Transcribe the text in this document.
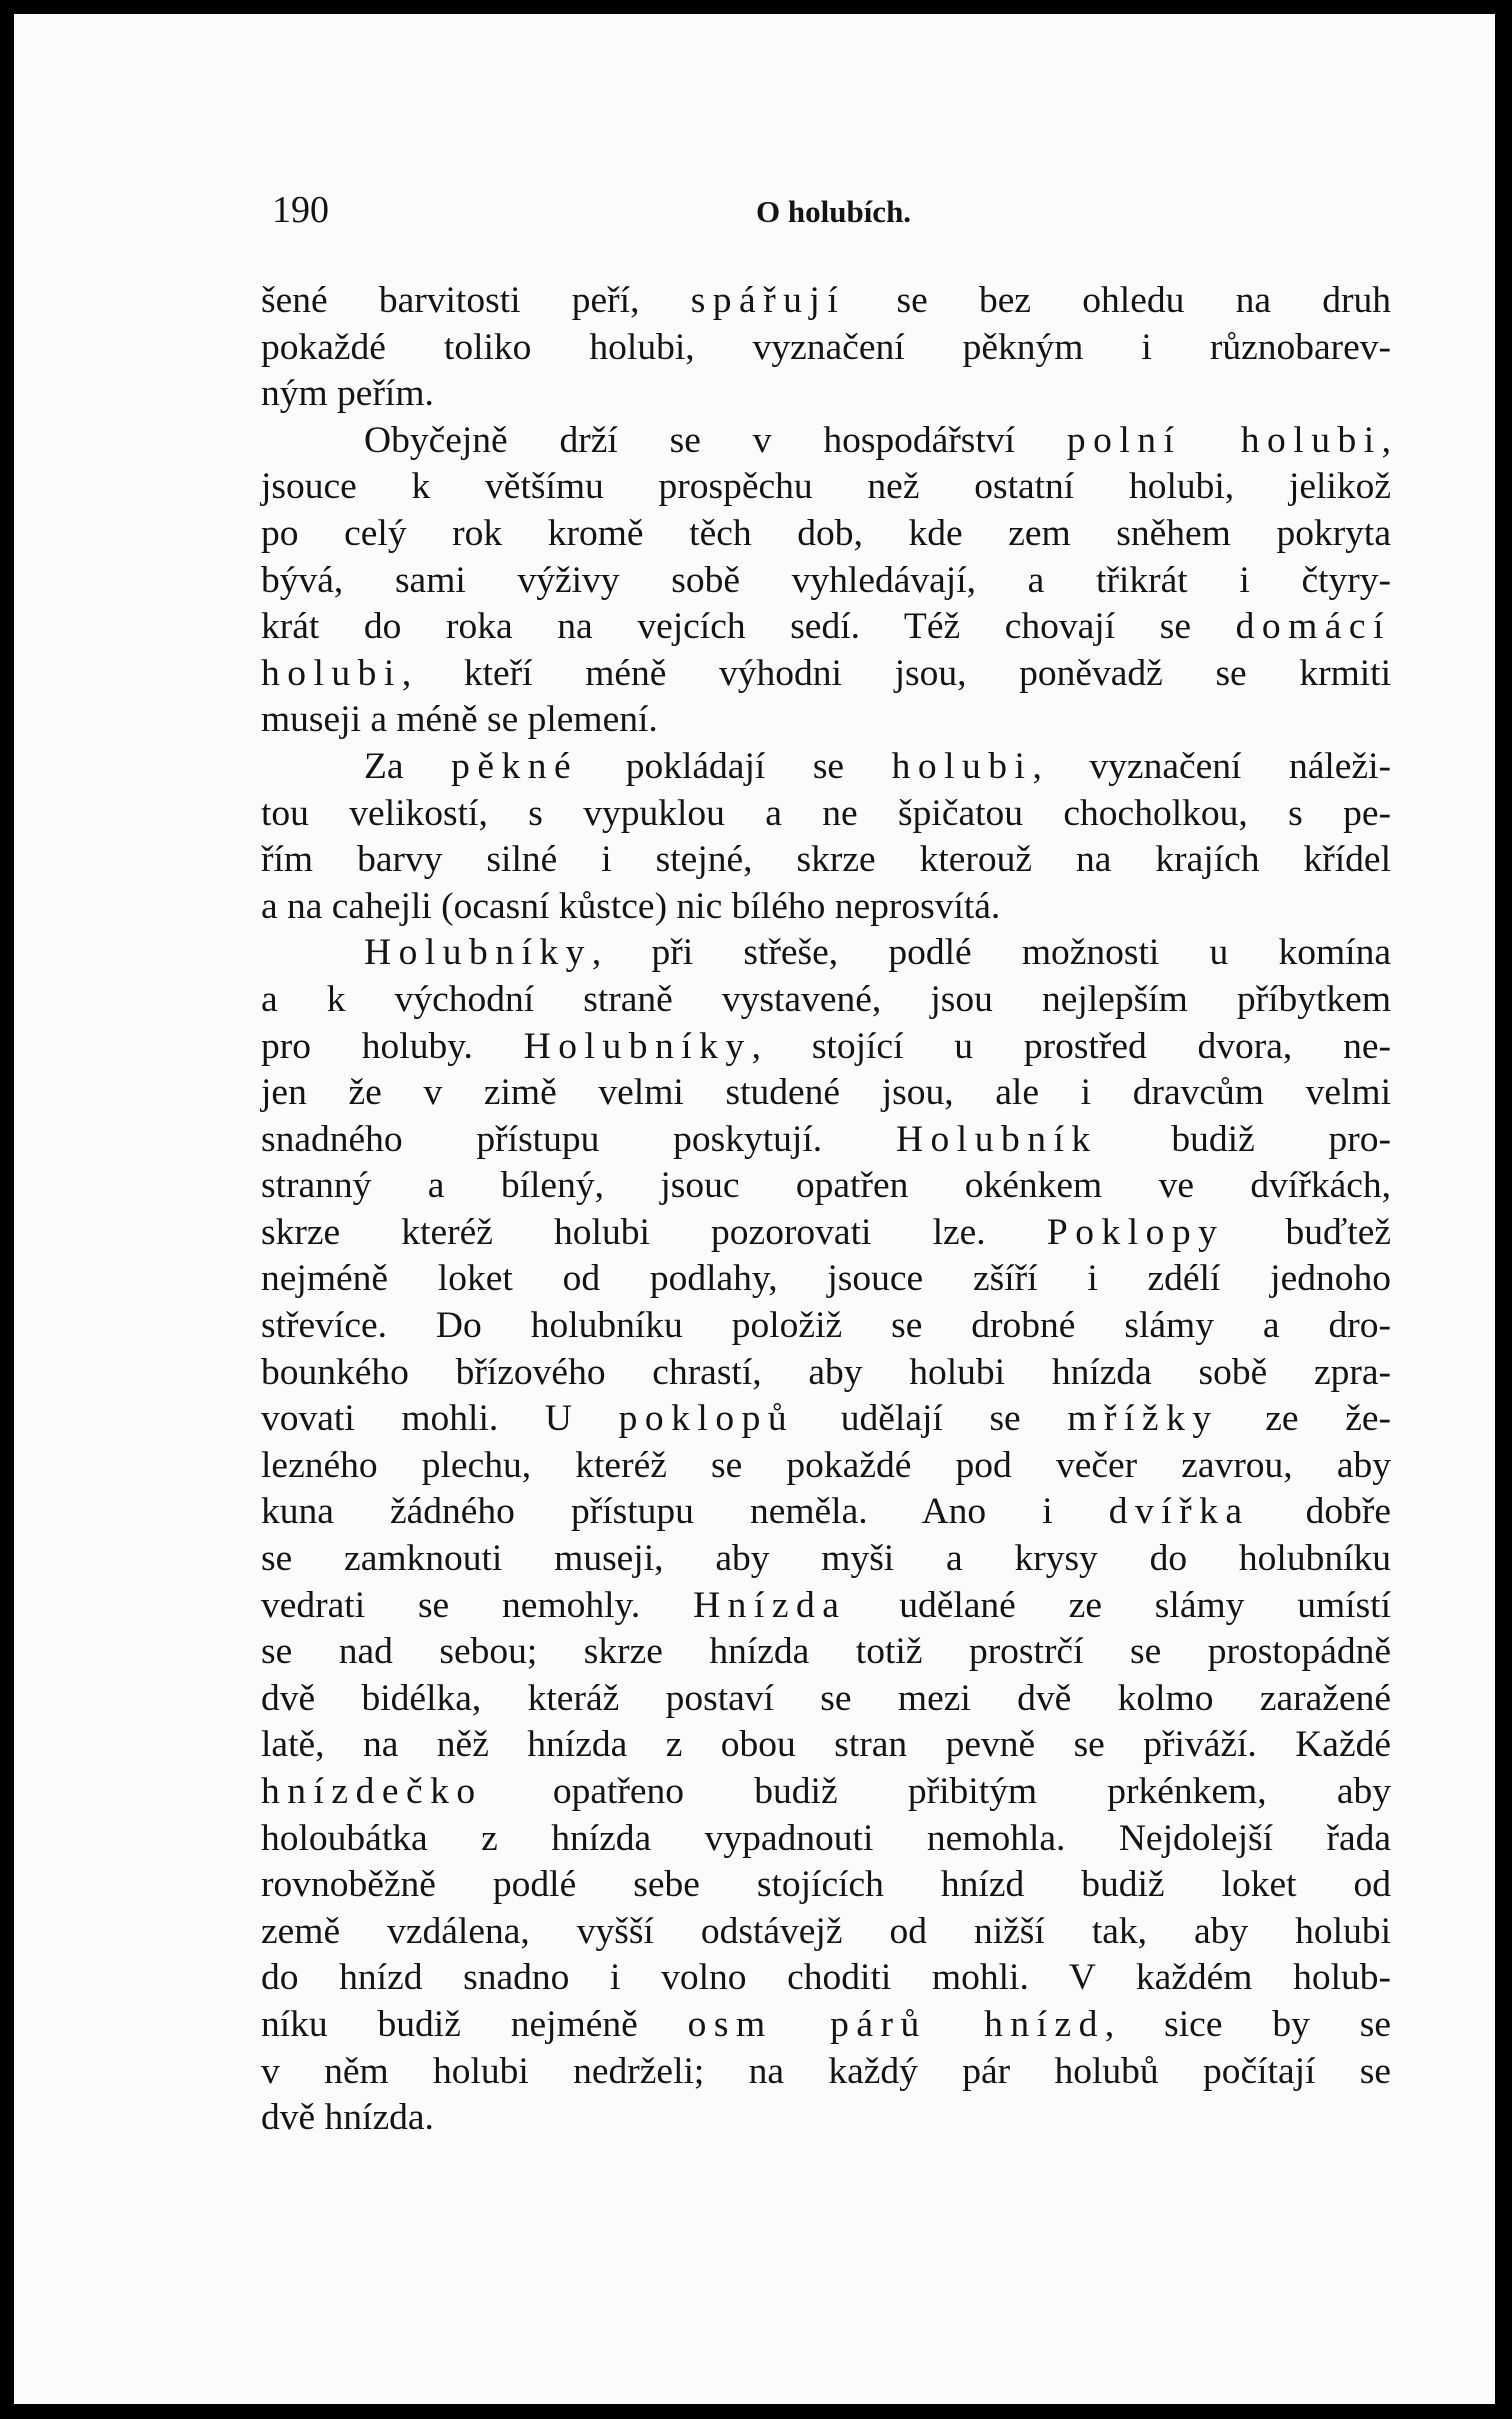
190	O holubích.
šené barvitosti peří, spářují se bez ohledu na druh
pokaždé toliko holubi, vyznačení pěkným i různobarev-
ným peřím.
Obyčejně drží se v hospodářství polní holubi,
jsouce k většímu prospěchu než ostatní holubi, jelikož
po celý rok kromě těch dob, kde zem sněhem pokryta
bývá, sami výživy sobě vyhledávají, a třikrát i čtyry-
krát do roka na vejcích sedí. Též chovají se domácí
holubi, kteří méně výhodni jsou, poněvadž se krmiti
museji a méně se plemení.
Za pěkné pokládají se holubi, vyznačení náleži-
tou velikostí, s vypuklou a ne špičatou chocholkou, s pe-
řím barvy silné i stejné, skrze kterouž na krajích křídel
a na cahejli (ocasní kůstce) nic bílého neprosvítá.
Holubníky, při střeše, podlé možnosti u komína
a k východní straně vystavené, jsou nejlepším příbytkem
pro holuby. Holubníky, stojící u prostřed dvora, ne-
jen že v zimě velmi studené jsou, ale i dravcům velmi
snadného přístupu poskytují. Holubník budiž pro-
stranný a bílený, jsouc opatřen okénkem ve dvířkách,
skrze kteréž holubi pozorovati lze. Poklopy buďtež
nejméně loket od podlahy, jsouce zšíří i zdélí jednoho
střevíce. Do holubníku položiž se drobné slámy a dro-
bounkého břízového chrastí, aby holubi hnízda sobě zpra-
vovati mohli. U poklopů udělají se mřížky ze že-
lezného plechu, kteréž se pokaždé pod večer zavrou, aby
kuna žádného přístupu neměla. Ano i dvířka dobře
se zamknouti museji, aby myši a krysy do holubníku
vedrati se nemohly. Hnízda udělané ze slámy umístí
se nad sebou; skrze hnízda totiž prostrčí se prostopádně
dvě bidélka, kteráž postaví se mezi dvě kolmo zaražené
latě, na něž hnízda z obou stran pevně se přiváží. Každé
hnízdečko opatřeno budiž přibitým prkénkem, aby
holoubátka z hnízda vypadnouti nemohla. Nejdolejší řada
rovnoběžně podlé sebe stojících hnízd budiž loket od
země vzdálena, vyšší odstávejž od nižší tak, aby holubi
do hnízd snadno i volno choditi mohli. V každém holub-
níku budiž nejméně osm párů hnízd, sice by se
v něm holubi nedrželi; na každý pár holubů počítají se
dvě hnízda.
